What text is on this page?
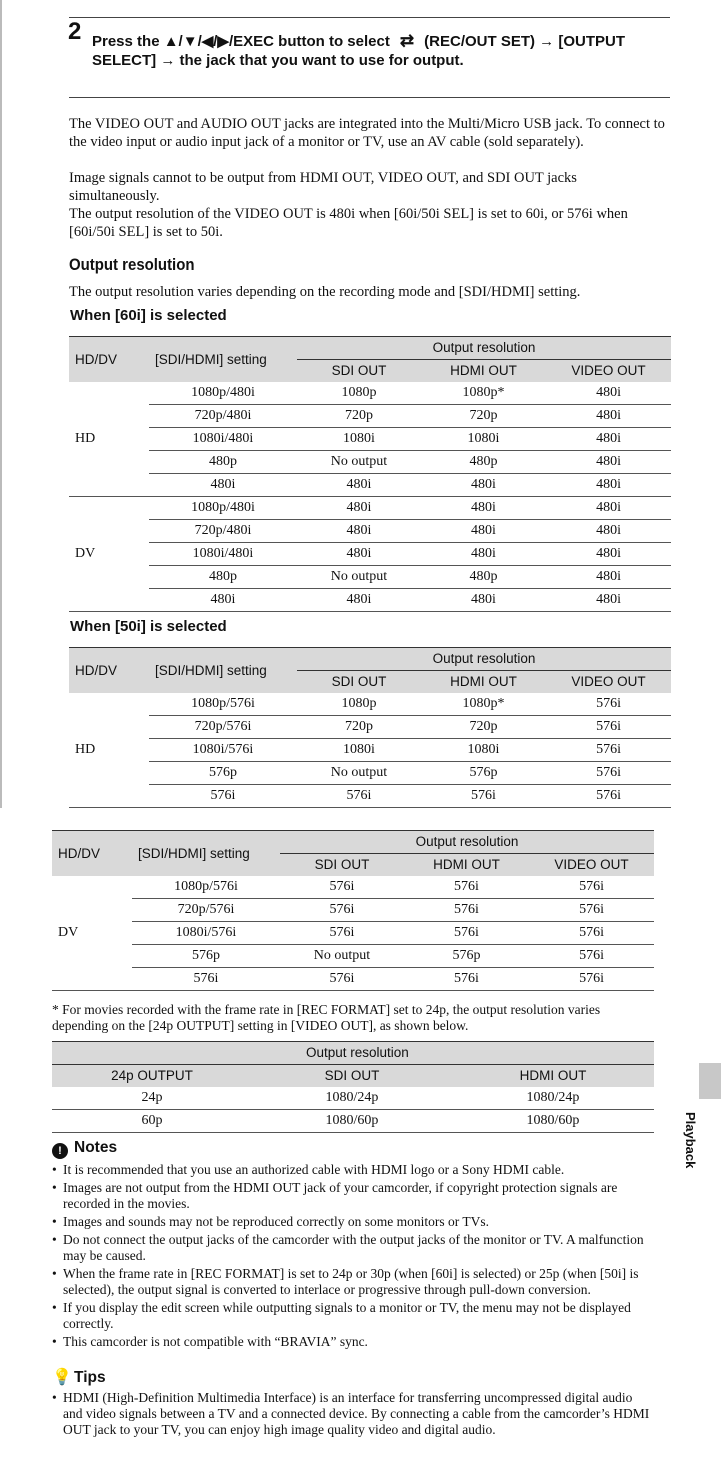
2 Press the ▲/▼/◀/▶/EXEC button to select ⇄ (REC/OUT SET) → [OUTPUT SELECT] → the jack that you want to use for output.
The VIDEO OUT and AUDIO OUT jacks are integrated into the Multi/Micro USB jack. To connect to the video input or audio input jack of a monitor or TV, use an AV cable (sold separately).
Image signals cannot to be output from HDMI OUT, VIDEO OUT, and SDI OUT jacks simultaneously.
The output resolution of the VIDEO OUT is 480i when [60i/50i SEL] is set to 60i, or 576i when [60i/50i SEL] is set to 50i.
Output resolution
The output resolution varies depending on the recording mode and [SDI/HDMI] setting.
When [60i] is selected
HD/DV	[SDI/HDMI] setting	Output resolution		
		SDI OUT	HDMI OUT	VIDEO OUT
HD	1080p/480i	1080p	1080p*	480i
	720p/480i	720p	720p	480i
	1080i/480i	1080i	1080i	480i
	480p	No output	480p	480i
	480i	480i	480i	480i
DV	1080p/480i	480i	480i	480i
	720p/480i	480i	480i	480i
	1080i/480i	480i	480i	480i
	480p	No output	480p	480i
	480i	480i	480i	480i
When [50i] is selected
HD/DV	[SDI/HDMI] setting	Output resolution		
		SDI OUT	HDMI OUT	VIDEO OUT
HD	1080p/576i	1080p	1080p*	576i
	720p/576i	720p	720p	576i
	1080i/576i	1080i	1080i	576i
	576p	No output	576p	576i
	576i	576i	576i	576i
HD/DV	[SDI/HDMI] setting	Output resolution		
		SDI OUT	HDMI OUT	VIDEO OUT
DV	1080p/576i	576i	576i	576i
	720p/576i	576i	576i	576i
	1080i/576i	576i	576i	576i
	576p	No output	576p	576i
	576i	576i	576i	576i
* For movies recorded with the frame rate in [REC FORMAT] set to 24p, the output resolution varies depending on the [24p OUTPUT] setting in [VIDEO OUT], as shown below.
	Output resolution	
24p OUTPUT	SDI OUT	HDMI OUT
24p	1080/24p	1080/24p
60p	1080/60p	1080/60p
! Notes
• It is recommended that you use an authorized cable with HDMI logo or a Sony HDMI cable.
• Images are not output from the HDMI OUT jack of your camcorder, if copyright protection signals are recorded in the movies.
• Images and sounds may not be reproduced correctly on some monitors or TVs.
• Do not connect the output jacks of the camcorder with the output jacks of the monitor or TV. A malfunction may be caused.
• When the frame rate in [REC FORMAT] is set to 24p or 30p (when [60i] is selected) or 25p (when [50i] is selected), the output signal is converted to interlace or progressive through pull-down conversion.
• If you display the edit screen while outputting signals to a monitor or TV, the menu may not be displayed correctly.
• This camcorder is not compatible with “BRAVIA” sync.
💡 Tips
• HDMI (High-Definition Multimedia Interface) is an interface for transferring uncompressed digital audio and video signals between a TV and a connected device. By connecting a cable from the camcorder’s HDMI OUT jack to your TV, you can enjoy high image quality video and digital audio.
Playback
